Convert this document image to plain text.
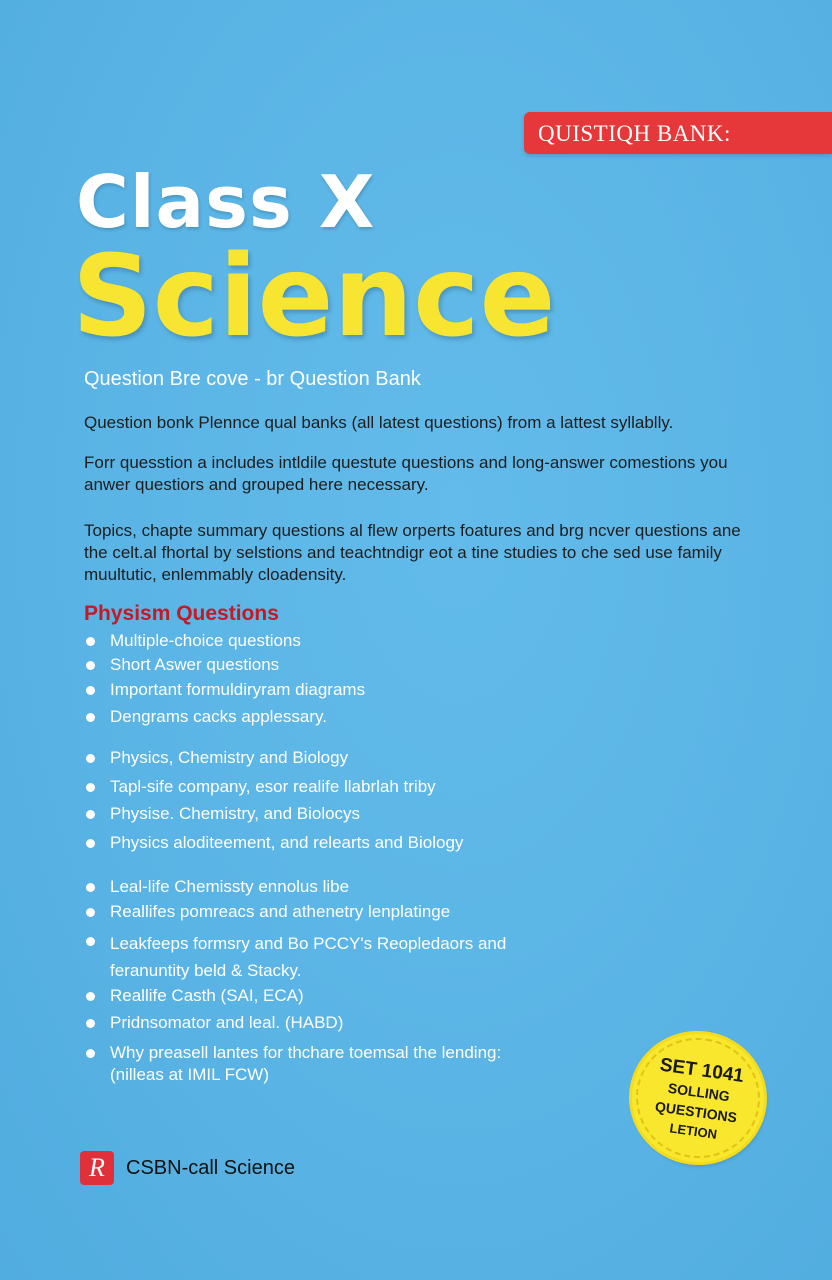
QUISTIQH BANK:
Class X
Science
Question Bre cove - br Question Bank
Question bonk Plennce qual banks (all latest questions) from a lattest syllablly.
Forr quesstion a includes intldile questute questions and long-answer comestions you anwer questiors and grouped here necessary.
Topics, chapte summary questions al flew orperts foatures and brg ncver questions ane the celt.al fhortal by selstions and teachtndigr eot a tine studies to che sed use family muultutic, enlemmably cloadensity.
Physism Questions
Multiple-choice questions
Short Aswer questions
Important formuldiryram diagrams
Dengrams cacks applessary.
Physics, Chemistry and Biology
Tapl-sife company, esor realife llabrlah triby
Physise. Chemistry, and Biolocys
Physics aloditeement, and relearts and Biology
Leal-life Chemissty ennolus libe
Reallifes pomreacs and athenetry lenplatinge
Leakfeeps formsry and Bo PCCY's Reopledaors and feranuntity beld & Stacky.
Reallife Casth (SAI, ECA)
Pridnsomator and leal. (HABD)
Why preasell lantes for thchare toemsal the lending: (nilleas at IMIL FCW)	SET 1041
SOLLING
QUESTIONS
LETION
R	CSBN-call Science
